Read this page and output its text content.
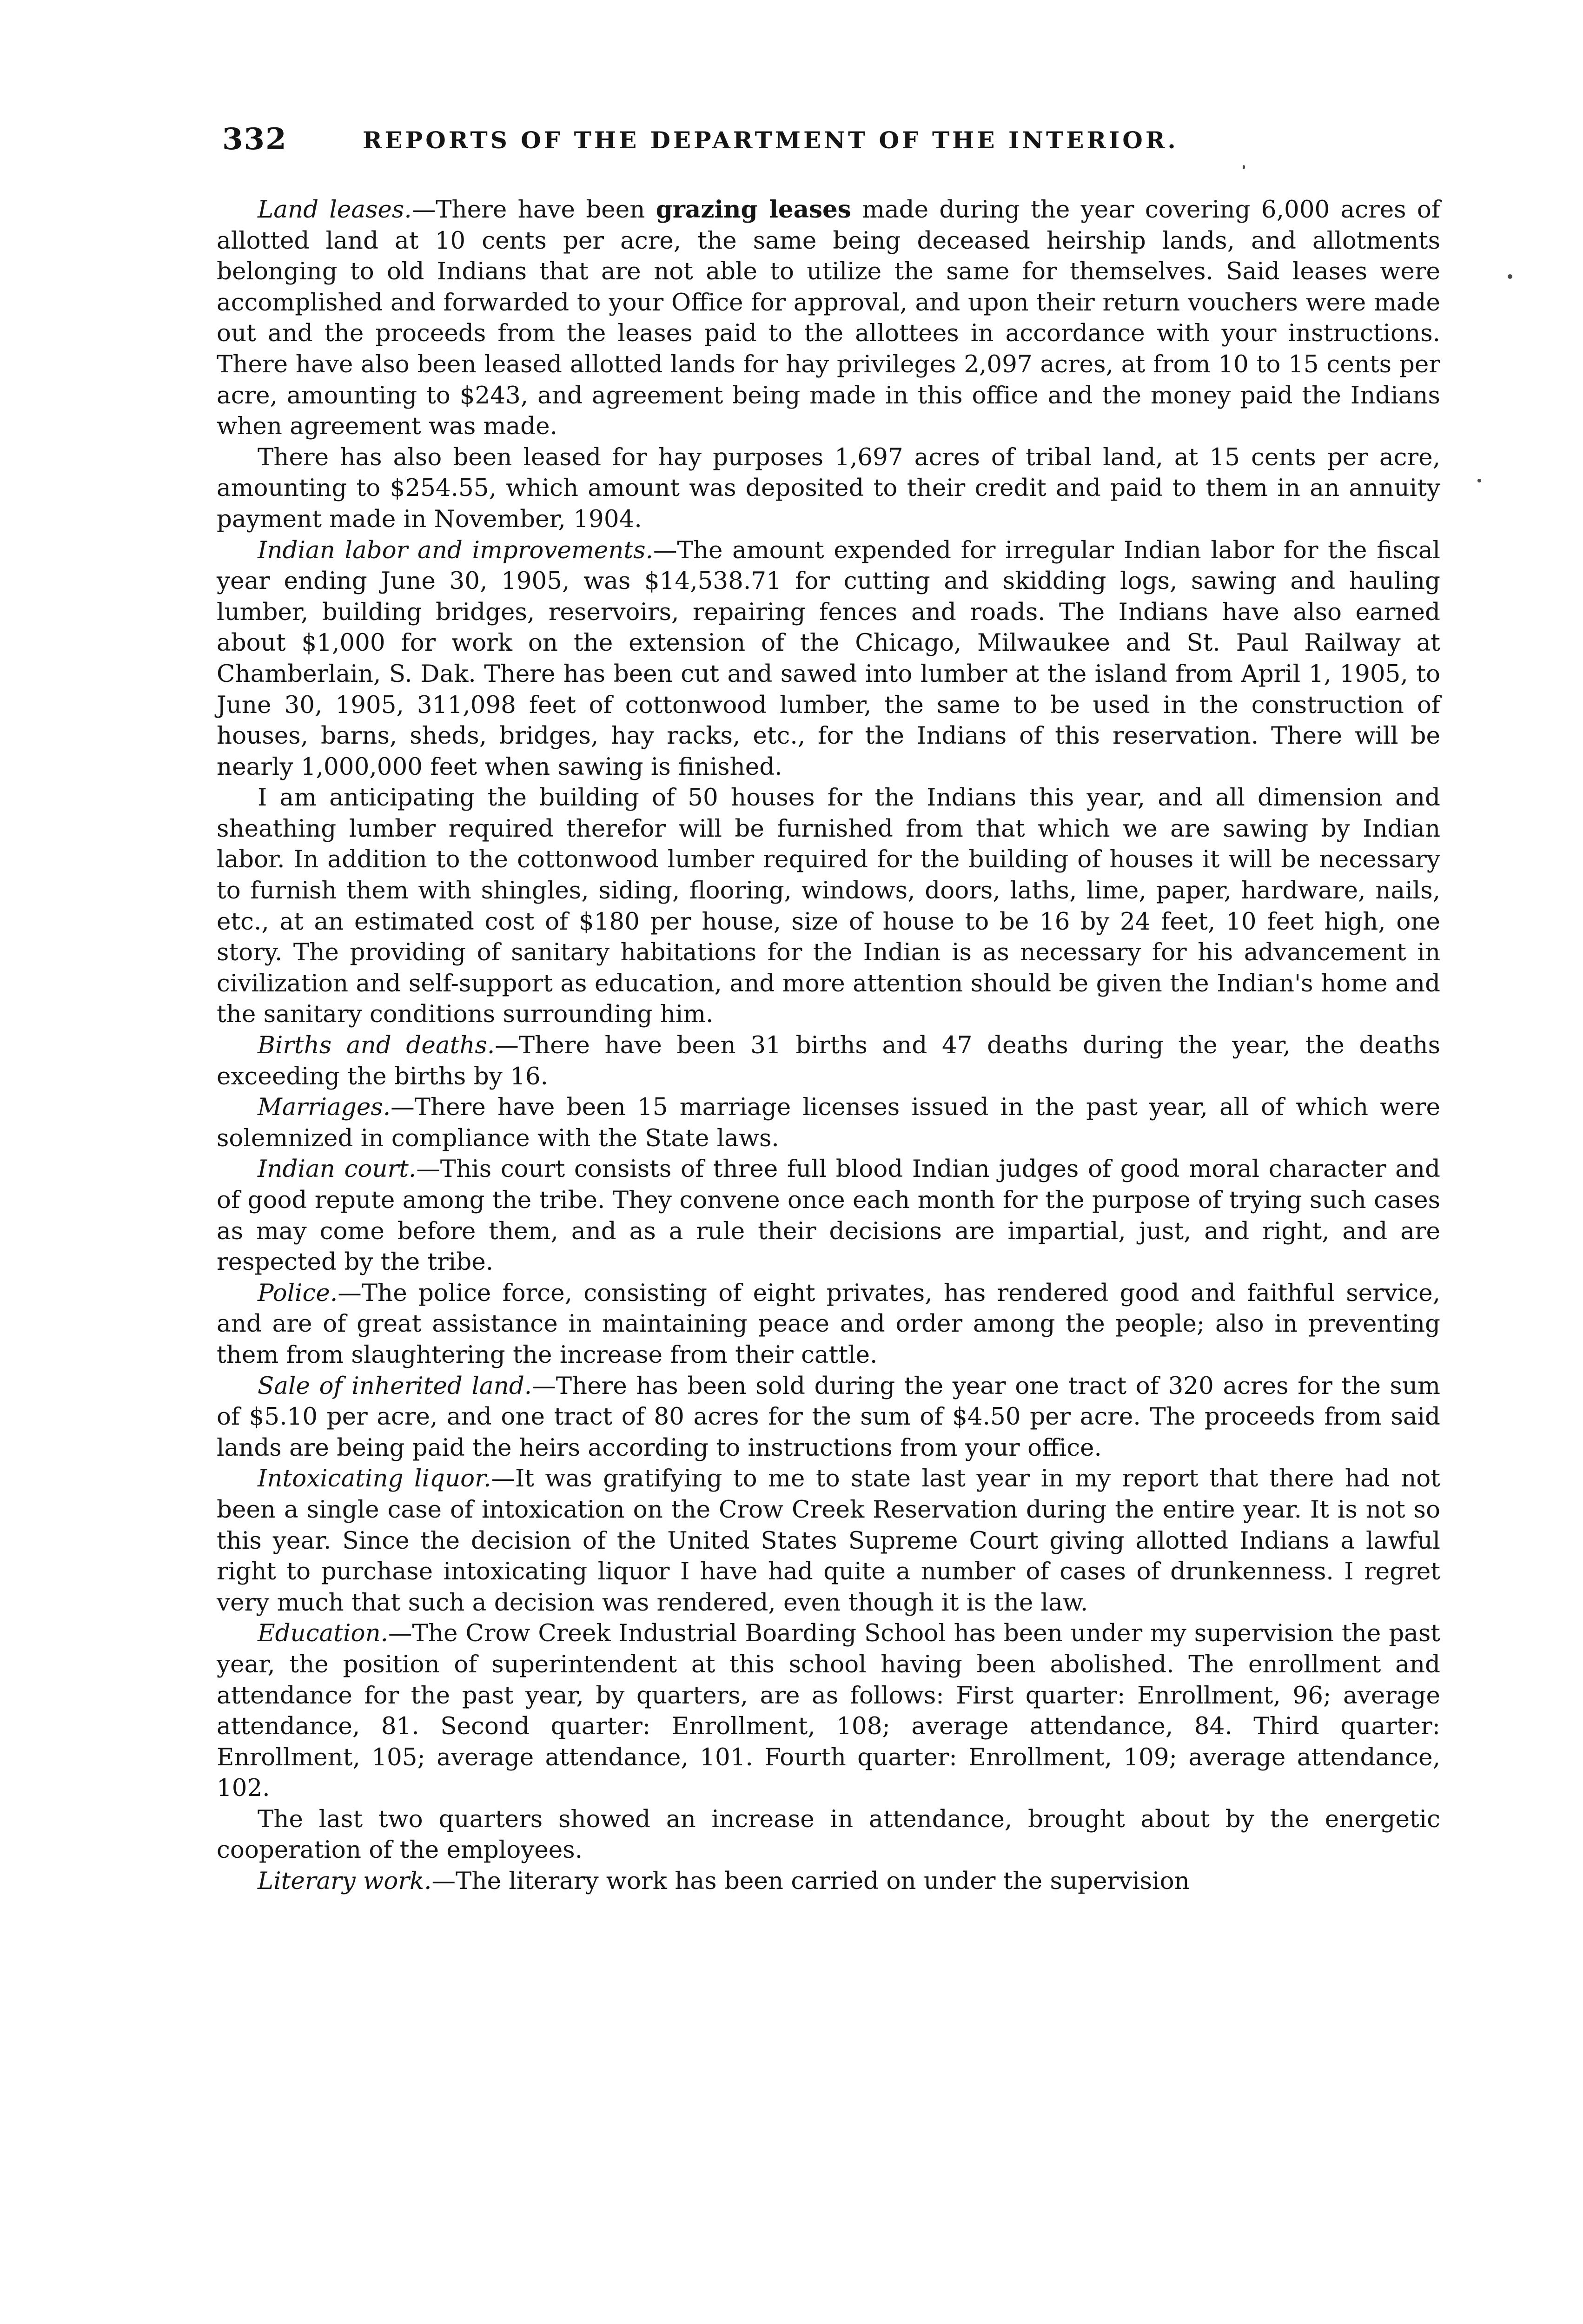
332	REPORTS OF THE DEPARTMENT OF THE INTERIOR.

Land leases.—There have been grazing leases made during the year covering 6,000 acres of allotted land at 10 cents per acre, the same being deceased heirship lands, and allotments belonging to old Indians that are not able to utilize the same for themselves. Said leases were accomplished and forwarded to your Office for approval, and upon their return vouchers were made out and the proceeds from the leases paid to the allottees in accordance with your instructions. There have also been leased allotted lands for hay privileges 2,097 acres, at from 10 to 15 cents per acre, amounting to $243, and agreement being made in this office and the money paid the Indians when agreement was made.

There has also been leased for hay purposes 1,697 acres of tribal land, at 15 cents per acre, amounting to $254.55, which amount was deposited to their credit and paid to them in an annuity payment made in November, 1904.

Indian labor and improvements.—The amount expended for irregular Indian labor for the fiscal year ending June 30, 1905, was $14,538.71 for cutting and skidding logs, sawing and hauling lumber, building bridges, reservoirs, repairing fences and roads. The Indians have also earned about $1,000 for work on the extension of the Chicago, Milwaukee and St. Paul Railway at Chamberlain, S. Dak. There has been cut and sawed into lumber at the island from April 1, 1905, to June 30, 1905, 311,098 feet of cottonwood lumber, the same to be used in the construction of houses, barns, sheds, bridges, hay racks, etc., for the Indians of this reservation. There will be nearly 1,000,000 feet when sawing is finished.

I am anticipating the building of 50 houses for the Indians this year, and all dimension and sheathing lumber required therefor will be furnished from that which we are sawing by Indian labor. In addition to the cottonwood lumber required for the building of houses it will be necessary to furnish them with shingles, siding, flooring, windows, doors, laths, lime, paper, hardware, nails, etc., at an estimated cost of $180 per house, size of house to be 16 by 24 feet, 10 feet high, one story. The providing of sanitary habitations for the Indian is as necessary for his advancement in civilization and self-support as education, and more attention should be given the Indian's home and the sanitary conditions surrounding him.

Births and deaths.—There have been 31 births and 47 deaths during the year, the deaths exceeding the births by 16.

Marriages.—There have been 15 marriage licenses issued in the past year, all of which were solemnized in compliance with the State laws.

Indian court.—This court consists of three full blood Indian judges of good moral character and of good repute among the tribe. They convene once each month for the purpose of trying such cases as may come before them, and as a rule their decisions are impartial, just, and right, and are respected by the tribe.

Police.—The police force, consisting of eight privates, has rendered good and faithful service, and are of great assistance in maintaining peace and order among the people; also in preventing them from slaughtering the increase from their cattle.

Sale of inherited land.—There has been sold during the year one tract of 320 acres for the sum of $5.10 per acre, and one tract of 80 acres for the sum of $4.50 per acre. The proceeds from said lands are being paid the heirs according to instructions from your office.

Intoxicating liquor.—It was gratifying to me to state last year in my report that there had not been a single case of intoxication on the Crow Creek Reservation during the entire year. It is not so this year. Since the decision of the United States Supreme Court giving allotted Indians a lawful right to purchase intoxicating liquor I have had quite a number of cases of drunkenness. I regret very much that such a decision was rendered, even though it is the law.

Education.—The Crow Creek Industrial Boarding School has been under my supervision the past year, the position of superintendent at this school having been abolished. The enrollment and attendance for the past year, by quarters, are as follows: First quarter: Enrollment, 96; average attendance, 81. Second quarter: Enrollment, 108; average attendance, 84. Third quarter: Enrollment, 105; average attendance, 101. Fourth quarter: Enrollment, 109; average attendance, 102.

The last two quarters showed an increase in attendance, brought about by the energetic cooperation of the employees.

Literary work.—The literary work has been carried on under the supervision
